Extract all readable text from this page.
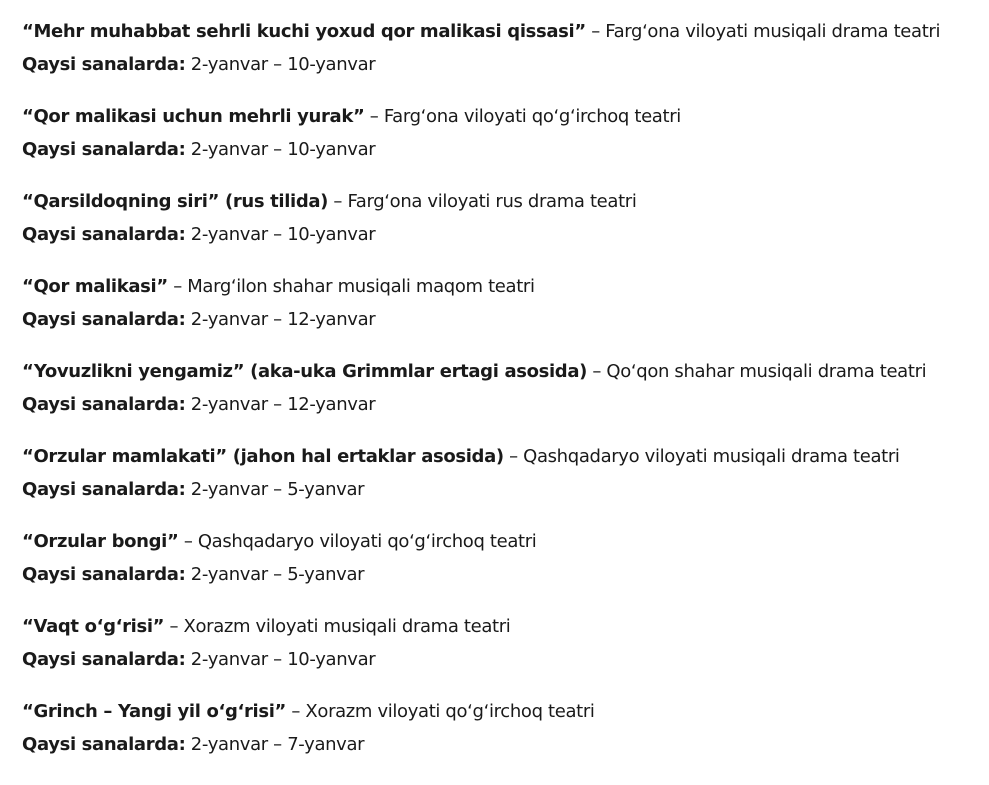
“Mehr muhabbat sehrli kuchi yoxud qor malikasi qissasi” – Fargʻona viloyati musiqali drama teatri
Qaysi sanalarda: 2-yanvar – 10-yanvar
“Qor malikasi uchun mehrli yurak” – Fargʻona viloyati qoʻgʻirchoq teatri
Qaysi sanalarda: 2-yanvar – 10-yanvar
“Qarsildoqning siri” (rus tilida) – Fargʻona viloyati rus drama teatri
Qaysi sanalarda: 2-yanvar – 10-yanvar
“Qor malikasi” – Margʻilon shahar musiqali maqom teatri
Qaysi sanalarda: 2-yanvar – 12-yanvar
“Yovuzlikni yengamiz” (aka-uka Grimmlar ertagi asosida) – Qoʻqon shahar musiqali drama teatri
Qaysi sanalarda: 2-yanvar – 12-yanvar
“Orzular mamlakati” (jahon hal ertaklar asosida) – Qashqadaryo viloyati musiqali drama teatri
Qaysi sanalarda: 2-yanvar – 5-yanvar
“Orzular bongi” – Qashqadaryo viloyati qoʻgʻirchoq teatri
Qaysi sanalarda: 2-yanvar – 5-yanvar
“Vaqt oʻgʻrisi” – Xorazm viloyati musiqali drama teatri
Qaysi sanalarda: 2-yanvar – 10-yanvar
“Grinch – Yangi yil oʻgʻrisi” – Xorazm viloyati qoʻgʻirchoq teatri
Qaysi sanalarda: 2-yanvar – 7-yanvar
